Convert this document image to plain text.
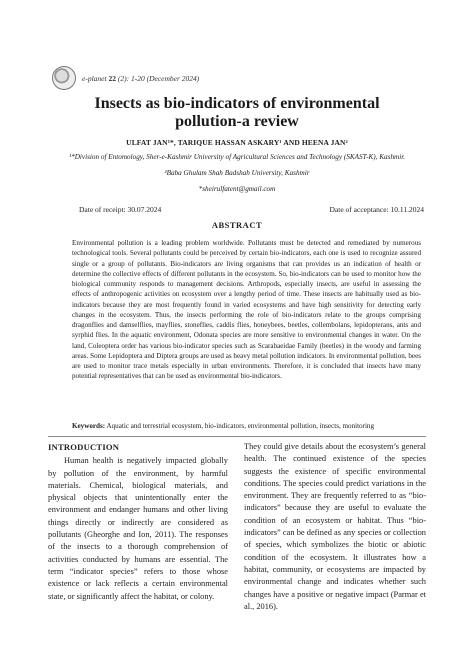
e-planet 22 (2): 1-20 (December 2024)
Insects as bio-indicators of environmental
pollution-a review
ULFAT JAN¹*, TARIQUE HASSAN ASKARY¹ AND HEENA JAN²
¹*Division of Entomology, Sher-e-Kashmir University of Agricultural Sciences and Technology (SKAST-K), Kashmir.
²Baba Ghulam Shah Badshah University, Kashmir
*sheirulfatent@gmail.com
Date of receipt: 30.07.2024	Date of acceptance: 10.11.2024
ABSTRACT
Environmental pollution is a leading problem worldwide. Pollutants must be detected and remediated by numerous technological tools. Several pollutants could be perceived by certain bio-indicators, each one is used to recognize assured single or a group of pollutants. Bio-indicators are living organisms that can provides us an indication of health or determine the collective effects of different pollutants in the ecosystem. So, bio-indicators can be used to monitor how the biological community responds to management decisions. Arthropods, especially insects, are useful in assessing the effects of anthropogenic activities on ecosystem over a lengthy period of time. These insects are habitually used as bio-indicators because they are most frequently found in varied ecosystems and have high sensitivity for detecting early changes in the ecosystem. Thus, the insects performing the role of bio-indicators relate to the groups comprising dragonflies and damselflies, mayflies, stoneflies, caddis flies, honeybees, beetles, collembolans, lepidopterans, ants and syrphid flies. In the aquatic environment, Odonata species are more sensitive to environmental changes in water. On the land, Coleoptera order has various bio-indicator species such as Scarabaeidae Family (beetles) in the woody and farming areas. Some Lepidoptera and Diptera groups are used as heavy metal pollution indicators. In environmental pollution, bees are used to monitor trace metals especially in urban environments. Therefore, it is concluded that insects have many potential representatives that can be used as environmental bio-indicators.
Keywords: Aquatic and terrestrial ecosystem, bio-indicators, environmental pollution, insects, monitoring
INTRODUCTION

Human health is negatively impacted globally by pollution of the environment, by harmful materials. Chemical, biological materials, and physical objects that unintentionally enter the environment and endanger humans and other living things directly or indirectly are considered as pollutants (Gheorghe and Ion, 2011). The responses of the insects to a thorough comprehension of activities conducted by humans are essential. The term “indicator species” refers to those whose existence or lack reflects a certain environmental state, or significantly affect the habitat, or colony.

They could give details about the ecosystem’s general health. The continued existence of the species suggests the existence of specific environmental conditions. The species could predict variations in the environment. They are frequently referred to as “bio-indicators” because they are useful to evaluate the condition of an ecosystem or habitat. Thus “bio-indicators” can be defined as any species or collection of species, which symbolizes the biotic or abiotic condition of the ecosystem. It illustrates how a habitat, community, or ecosystems are impacted by environmental change and indicates whether such changes have a positive or negative impact (Parmar et al., 2016).
